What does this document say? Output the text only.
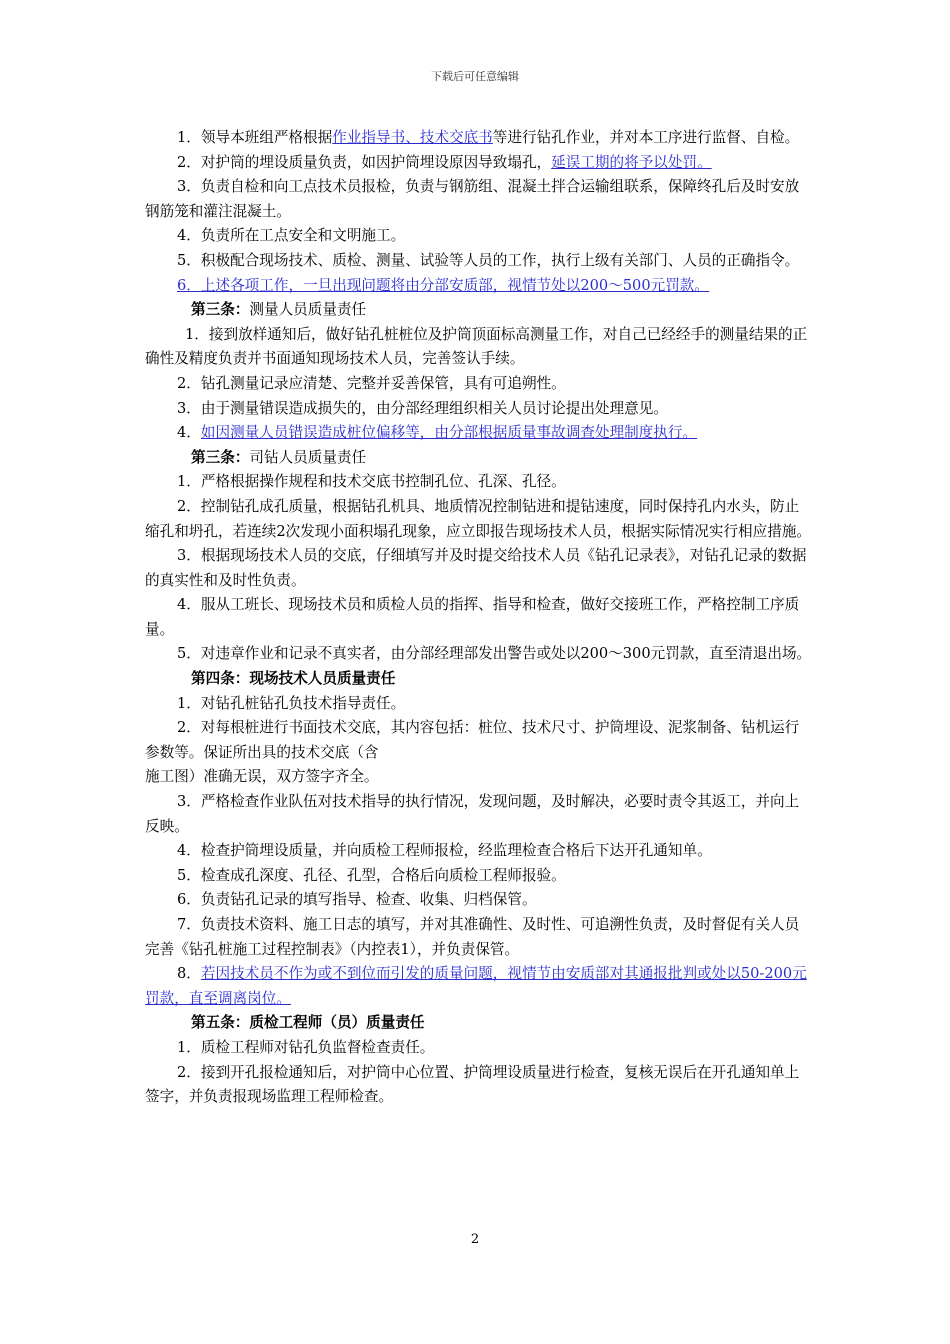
下载后可任意编辑

1．领导本班组严格根据作业指导书、技术交底书等进行钻孔作业，并对本工序进行监督、自检。

2．对护筒的埋设质量负责，如因护筒埋设原因导致塌孔，延误工期的将予以处罚。

3．负责自检和向工点技术员报检，负责与钢筋组、混凝土拌合运输组联系，保障终孔后及时安放钢筋笼和灌注混凝土。

4．负责所在工点安全和文明施工。

5．积极配合现场技术、质检、测量、试验等人员的工作，执行上级有关部门、人员的正确指令。

6．上述各项工作，一旦出现问题将由分部安质部，视情节处以200～500元罚款。

第三条：测量人员质量责任

1．接到放样通知后，做好钻孔桩桩位及护筒顶面标高测量工作，对自己已经经手的测量结果的正确性及精度负责并书面通知现场技术人员，完善签认手续。

2．钻孔测量记录应清楚、完整并妥善保管，具有可追朔性。

3．由于测量错误造成损失的，由分部经理组织相关人员讨论提出处理意见。

4．如因测量人员错误造成桩位偏移等，由分部根据质量事故调查处理制度执行。

第三条：司钻人员质量责任

1．严格根据操作规程和技术交底书控制孔位、孔深、孔径。

2．控制钻孔成孔质量，根据钻孔机具、地质情况控制钻进和提钻速度，同时保持孔内水头，防止缩孔和坍孔，若连续2次发现小面积塌孔现象，应立即报告现场技术人员，根据实际情况实行相应措施。

3．根据现场技术人员的交底，仔细填写并及时提交给技术人员《钻孔记录表》，对钻孔记录的数据的真实性和及时性负责。

4．服从工班长、现场技术员和质检人员的指挥、指导和检查，做好交接班工作，严格控制工序质量。

5．对违章作业和记录不真实者，由分部经理部发出警告或处以200～300元罚款，直至清退出场。

第四条：现场技术人员质量责任

1．对钻孔桩钻孔负技术指导责任。

2．对每根桩进行书面技术交底，其内容包括：桩位、技术尺寸、护筒埋设、泥浆制备、钻机运行参数等。保证所出具的技术交底（含

施工图）准确无误，双方签字齐全。

3．严格检查作业队伍对技术指导的执行情况，发现问题，及时解决，必要时责令其返工，并向上反映。

4．检查护筒埋设质量，并向质检工程师报检，经监理检查合格后下达开孔通知单。

5．检查成孔深度、孔径、孔型，合格后向质检工程师报验。

6．负责钻孔记录的填写指导、检查、收集、归档保管。

7．负责技术资料、施工日志的填写，并对其准确性、及时性、可追溯性负责，及时督促有关人员完善《钻孔桩施工过程控制表》（内控表1），并负责保管。

8．若因技术员不作为或不到位而引发的质量问题，视情节由安质部对其通报批判或处以50-200元罚款，直至调离岗位。

第五条：质检工程师（员）质量责任

1．质检工程师对钻孔负监督检查责任。

2．接到开孔报检通知后，对护筒中心位置、护筒埋设质量进行检查，复核无误后在开孔通知单上签字，并负责报现场监理工程师检查。

2
